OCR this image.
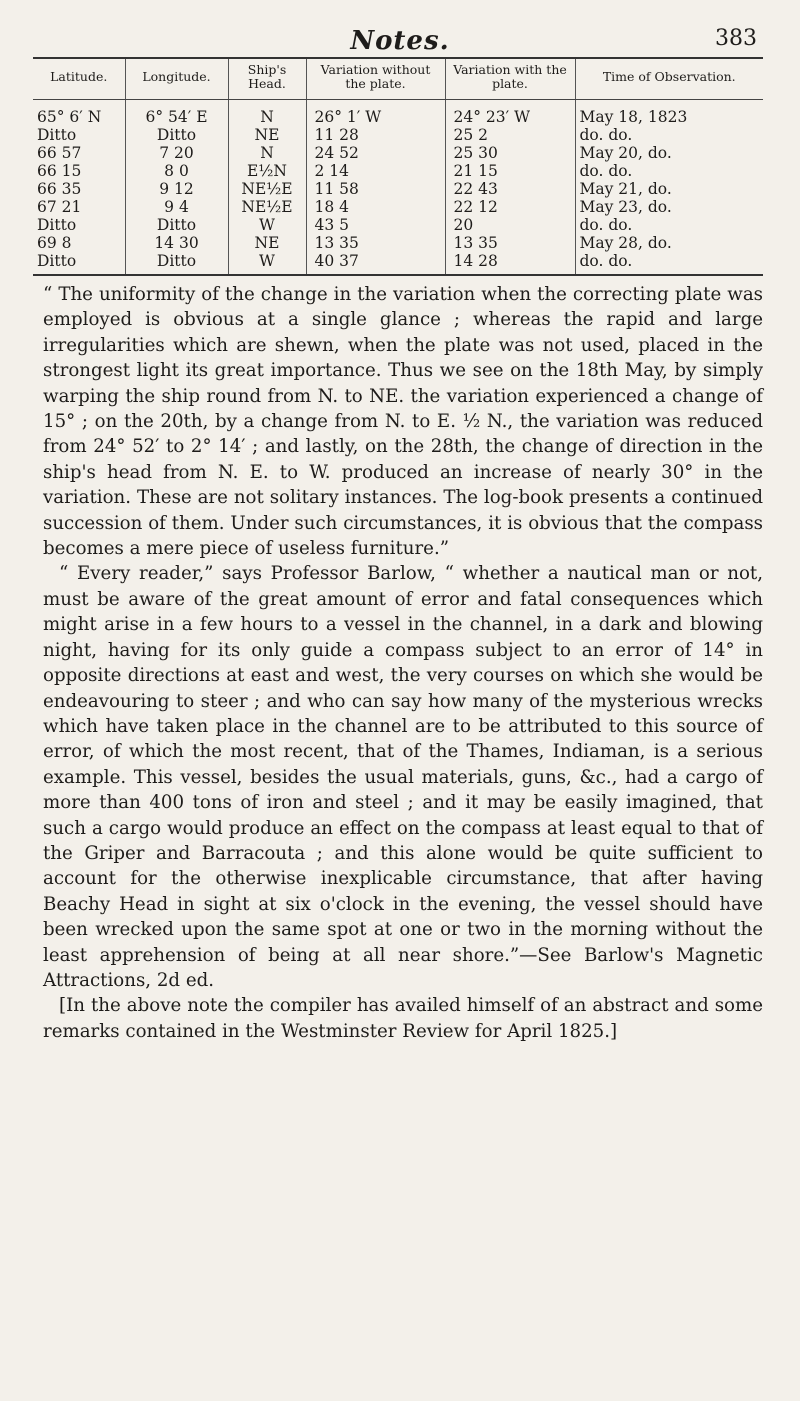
Notes.	383
Latitude.	Longitude.	Ship's Head.	Variation without the plate.	Variation with the plate.	Time of Observation.
65° 6′ N	6° 54′ E	N	26° 1′ W	24° 23′ W	May 18, 1823
Ditto	Ditto	NE	11 28	25 2	do. do.
66 57	7 20	N	24 52	25 30	May 20, do.
66 15	8 0	E½N	2 14	21 15	do. do.
66 35	9 12	NE½E	11 58	22 43	May 21, do.
67 21	9 4	NE½E	18 4	22 12	May 23, do.
Ditto	Ditto	W	43 5	20	do. do.
69 8	14 30	NE	13 35	13 35	May 28, do.
Ditto	Ditto	W	40 37	14 28	do. do.

“ The uniformity of the change in the variation when the correcting plate was employed is obvious at a single glance ; whereas the rapid and large irregularities which are shewn, when the plate was not used, placed in the strongest light its great importance. Thus we see on the 18th May, by simply warping the ship round from N. to NE. the variation experienced a change of 15° ; on the 20th, by a change from N. to E. ½ N., the variation was reduced from 24° 52′ to 2° 14′ ; and lastly, on the 28th, the change of direction in the ship's head from N. E. to W. produced an increase of nearly 30° in the variation. These are not solitary instances. The log-book presents a continued succession of them. Under such circumstances, it is obvious that the compass becomes a mere piece of useless furniture.”

“ Every reader,” says Professor Barlow, “ whether a nautical man or not, must be aware of the great amount of error and fatal consequences which might arise in a few hours to a vessel in the channel, in a dark and blowing night, having for its only guide a compass subject to an error of 14° in opposite directions at east and west, the very courses on which she would be endeavouring to steer ; and who can say how many of the mysterious wrecks which have taken place in the channel are to be attributed to this source of error, of which the most recent, that of the Thames, Indiaman, is a serious example. This vessel, besides the usual materials, guns, &c., had a cargo of more than 400 tons of iron and steel ; and it may be easily imagined, that such a cargo would produce an effect on the compass at least equal to that of the Griper and Barracouta ; and this alone would be quite sufficient to account for the otherwise inexplicable circumstance, that after having Beachy Head in sight at six o'clock in the evening, the vessel should have been wrecked upon the same spot at one or two in the morning without the least apprehension of being at all near shore.”—See Barlow's Magnetic Attractions, 2d ed.

[In the above note the compiler has availed himself of an abstract and some remarks contained in the Westminster Review for April 1825.]
